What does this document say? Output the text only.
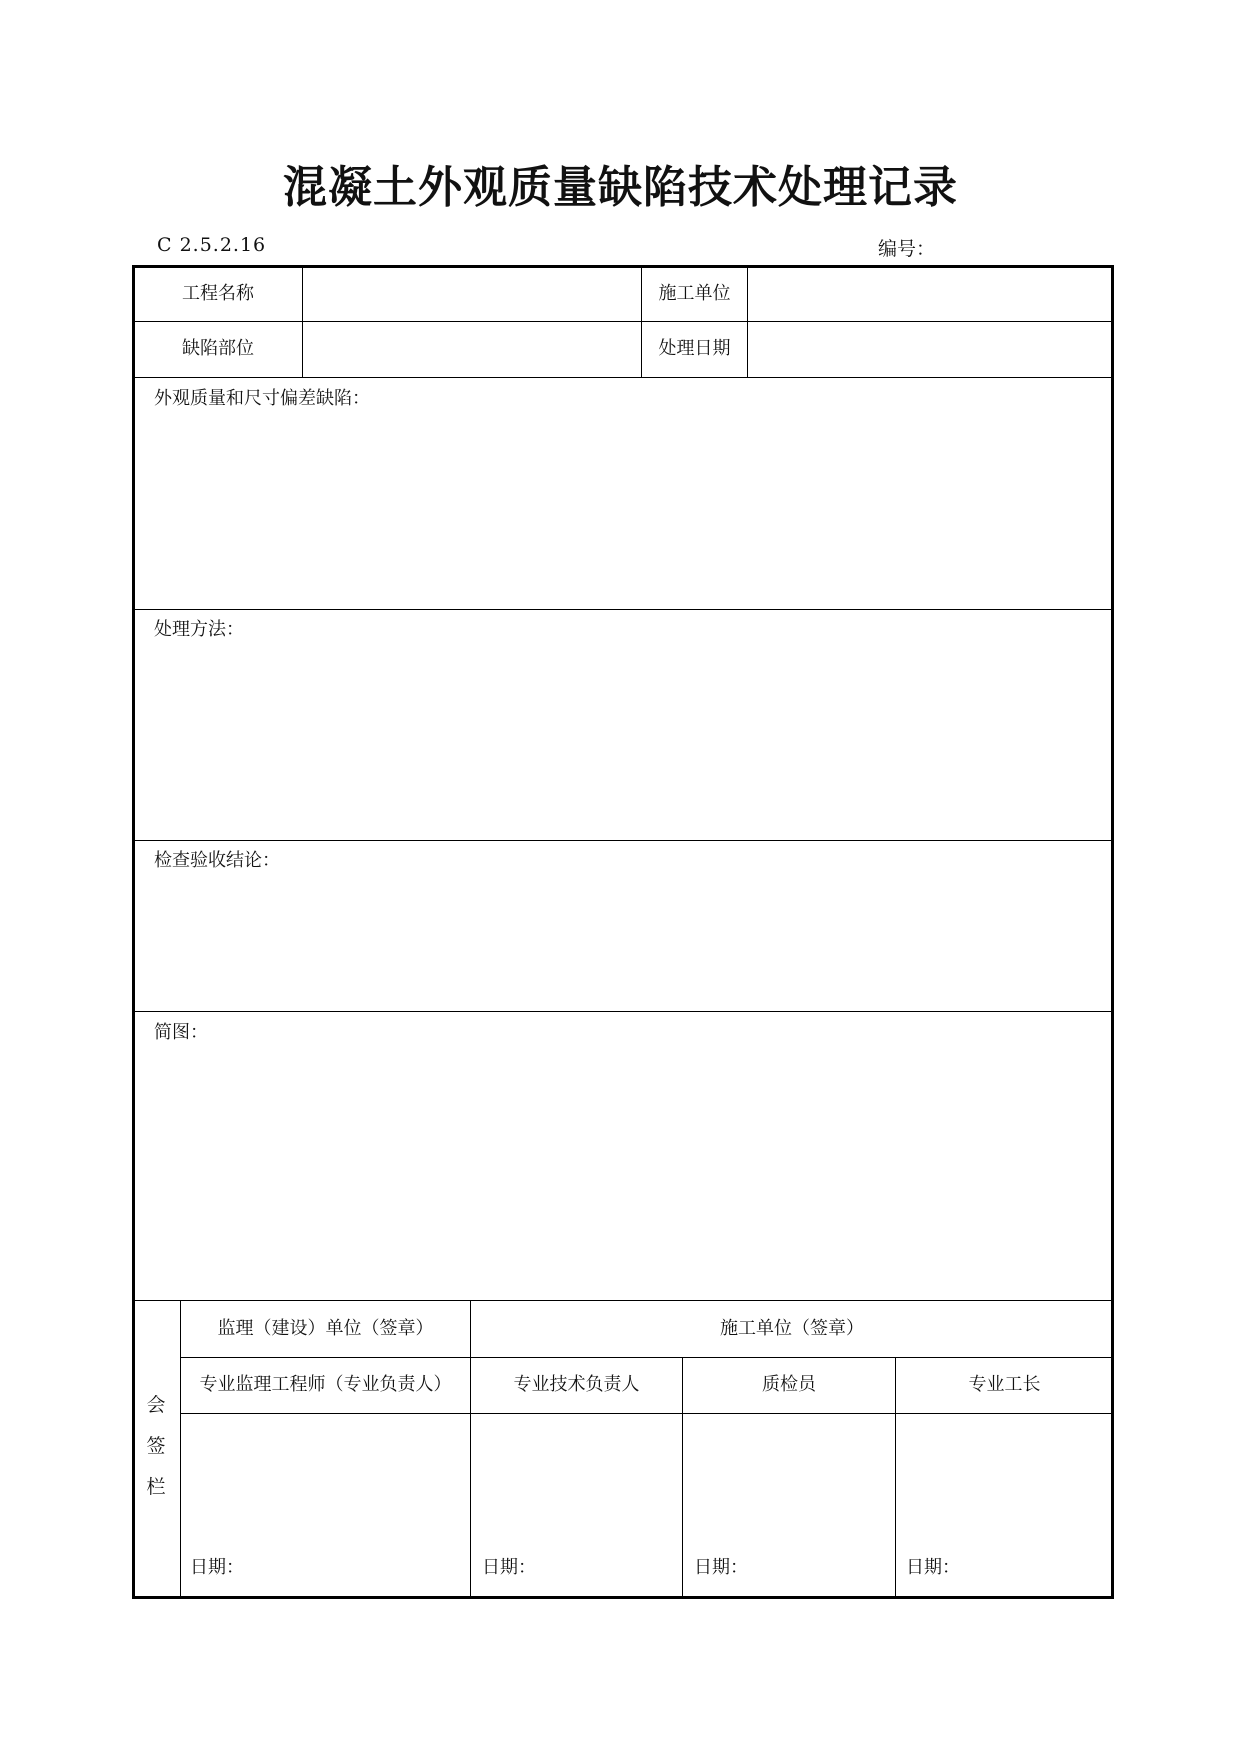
混凝土外观质量缺陷技术处理记录
C 2.5.2.16	编号：
工程名称	施工单位
缺陷部位	处理日期
外观质量和尺寸偏差缺陷：
处理方法：
检查验收结论：
简图：
会
签
栏
监理（建设）单位（签章）	施工单位（签章）
专业监理工程师（专业负责人）	专业技术负责人	质检员	专业工长
日期：	日期：	日期：	日期：
